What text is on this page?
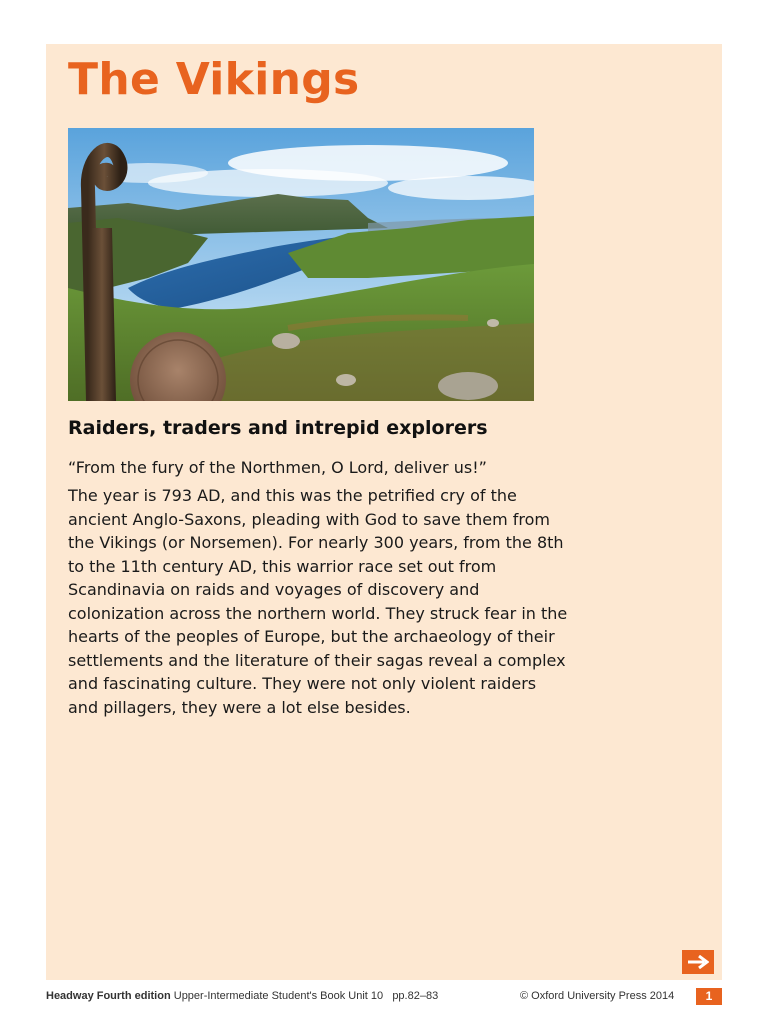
The Vikings
Raiders, traders and intrepid explorers

“From the fury of the Northmen, O Lord, deliver us!”

The year is 793 AD, and this was the petrified cry of the ancient Anglo-Saxons, pleading with God to save them from the Vikings (or Norsemen). For nearly 300 years, from the 8th to the 11th century AD, this warrior race set out from Scandinavia on raids and voyages of discovery and colonization across the northern world. They struck fear in the hearts of the peoples of Europe, but the archaeology of their settlements and the literature of their sagas reveal a complex and fascinating culture. They were not only violent raiders and pillagers, they were a lot else besides.

Headway Fourth edition Upper-Intermediate Student's Book Unit 10 pp.82–83	© Oxford University Press 2014	1
